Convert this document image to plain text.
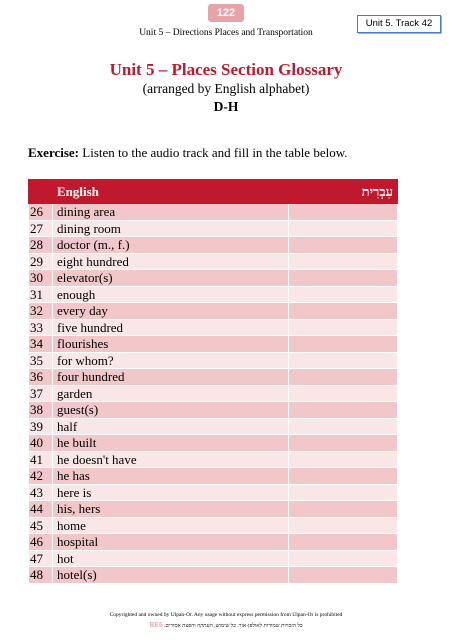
122
Unit 5 – Directions Places and Transportation
Unit 5. Track 42
Unit 5 – Places Section Glossary
(arranged by English alphabet)
D-H
Exercise: Listen to the audio track and fill in the table below.
	English	עִבְרִית
26	dining area	
27	dining room	
28	doctor (m., f.)	
29	eight hundred	
30	elevator(s)	
31	enough	
32	every day	
33	five hundred	
34	flourishes	
35	for whom?	
36	four hundred	
37	garden	
38	guest(s)	
39	half	
40	he built	
41	he doesn't have	
42	he has	
43	here is	
44	his, hers	
45	home	
46	hospital	
47	hot	
48	hotel(s)	
Copyrighted and owned by Ulpan-Or. Any usage without express permission from Ulpan-Or is prohibited
RE6 כל הזכויות שמורות לאולפן-אור. כל שימוש, העתקה והפצה אסורים.
